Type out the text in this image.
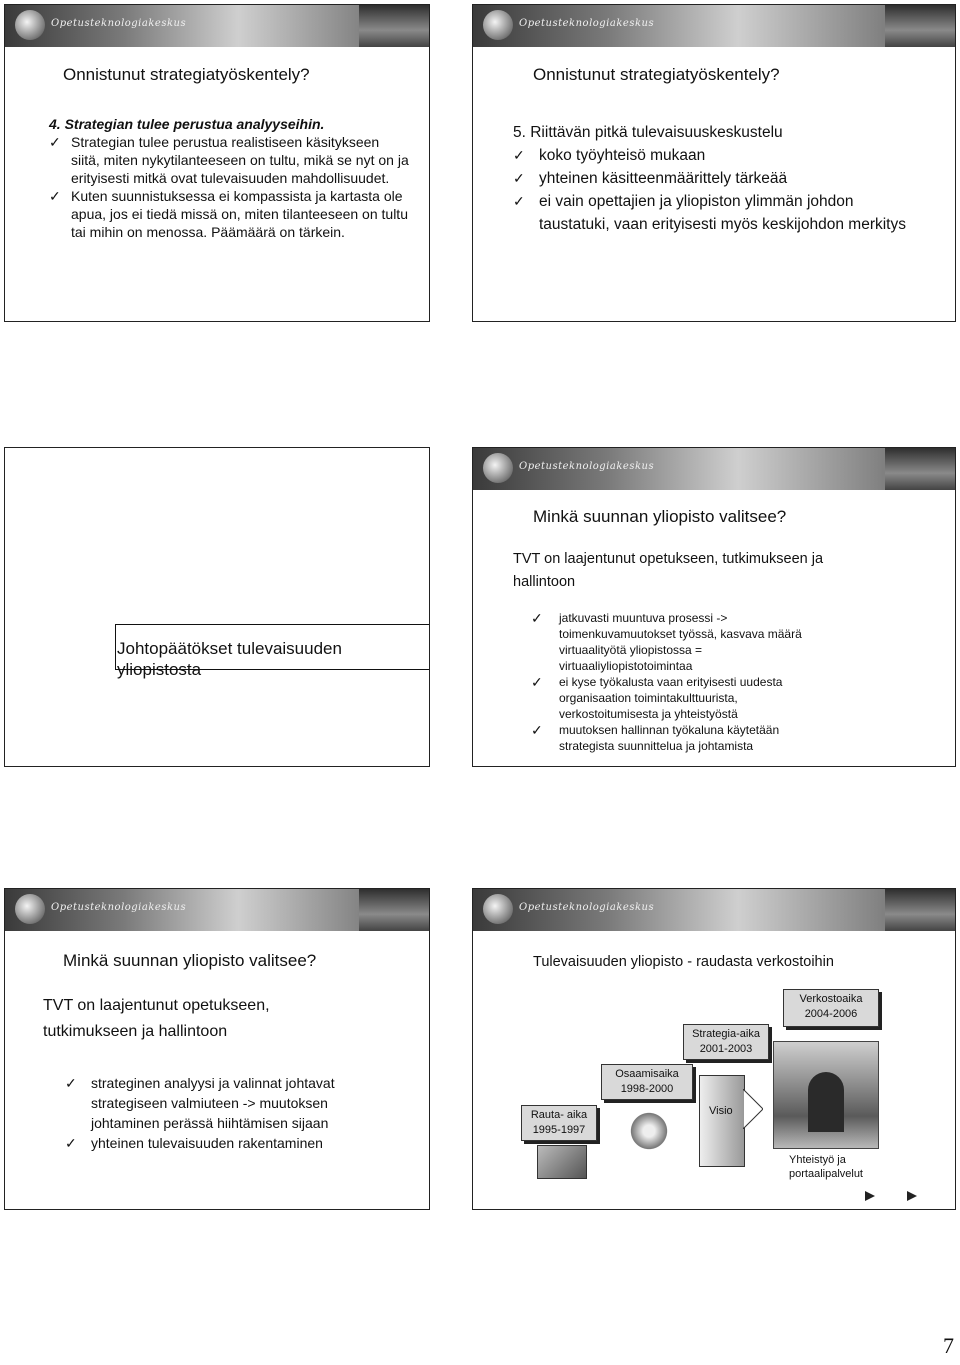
Opetusteknologiakeskus
Onnistunut strategiatyöskentely?

4. Strategian tulee perustua analyyseihin.

✓ Strategian tulee perustua realistiseen käsitykseen siitä, miten nykytilanteeseen on tultu, mikä se nyt on ja erityisesti mitkä ovat tulevaisuuden mahdollisuudet.
✓ Kuten suunnistuksessa ei kompassista ja kartasta ole apua, jos ei tiedä missä on, miten tilanteeseen on tultu tai mihin on menossa. Päämäärä on tärkein.
Opetusteknologiakeskus
Onnistunut strategiatyöskentely?

5. Riittävän pitkä tulevaisuuskeskustelu

✓ koko työyhteisö mukaan
✓ yhteinen käsitteenmäärittely tärkeää
✓ ei vain opettajien ja yliopiston ylimmän johdon taustatuki, vaan erityisesti myös keskijohdon merkitys
Johtopäätökset tulevaisuuden yliopistosta
Opetusteknologiakeskus
Minkä suunnan yliopisto valitsee?
TVT on laajentunut opetukseen, tutkimukseen ja hallintoon
✓ jatkuvasti muuntuva prosessi -> toimenkuvamuutokset työssä, kasvava määrä virtuaalityötä yliopistossa = virtuaaliyliopistotoimintaa
✓ ei kyse työkalusta vaan erityisesti uudesta organisaation toimintakulttuurista, verkostoitumisesta ja yhteistyöstä
✓ muutoksen hallinnan työkaluna käytetään strategista suunnittelua ja johtamista
Opetusteknologiakeskus
Minkä suunnan yliopisto valitsee?
TVT on laajentunut opetukseen, tutkimukseen ja hallintoon
✓ strateginen analyysi ja valinnat johtavat strategiseen valmiuteen -> muutoksen johtaminen perässä hiihtämisen sijaan
✓ yhteinen tulevaisuuden rakentaminen
Opetusteknologiakeskus
Tulevaisuuden yliopisto - raudasta verkostoihin
Rauta- aika
1995-1997
Osaamisaika
1998-2000
Strategia-aika
2001-2003
Verkostoaika
2004-2006
Visio
Yhteistyö ja portaalipalvelut
7
